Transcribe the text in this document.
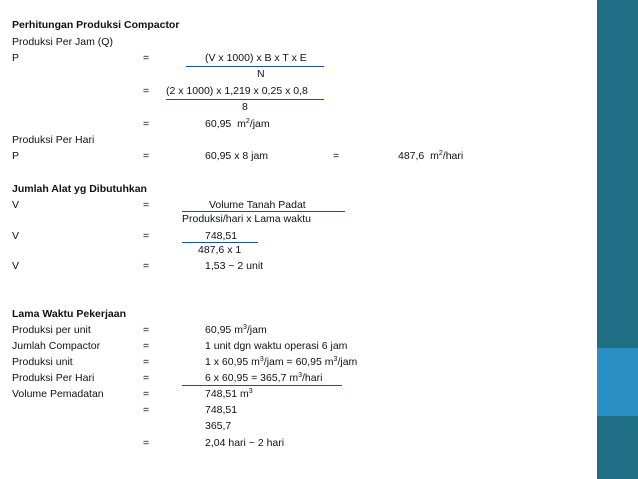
Perhitungan Produksi Compactor
Produksi Per Jam (Q)
P	=	(V x 1000) x B x T x E
N
= (2 x 1000) x 1,219 x 0,25 x 0,8
8
=	60,95 $m^2$/jam
Produksi Per Hari
P	=	60,95 x 8 jam	=	487,6 $m^2$/hari
Jumlah Alat yg Dibutuhkan
V	=	Volume Tanah Padat
Produksi/hari x Lama waktu
V	=	748,51
487,6 x 1
V	=	1,53 ~ 2 unit
Lama Waktu Pekerjaan
Produksi per unit	=	60,95 $m^3$/jam
Jumlah Compactor	=	1 unit dgn waktu operasi 6 jam
Produksi unit	=	1 x 60,95 $m^3$/jam = 60,95 $m^3$/jam
Produksi Per Hari	=	6 x 60,95 = 365,7 $m^3$/hari
Volume Pemadatan	=	748,51 $m^3$
=	748,51
365,7
=	2,04 hari ~ 2 hari
